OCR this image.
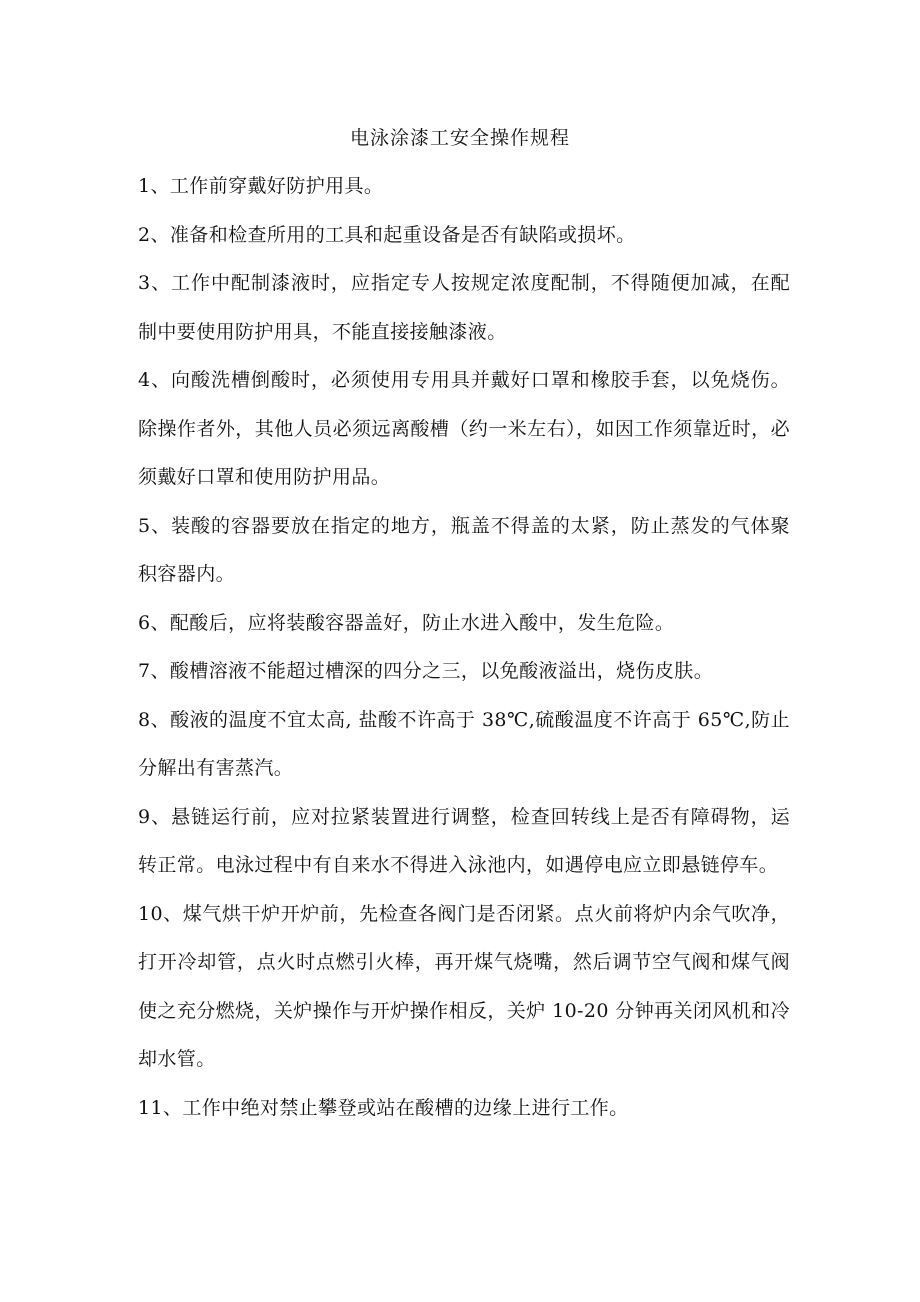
电泳涂漆工安全操作规程

1、工作前穿戴好防护用具。

2、准备和检查所用的工具和起重设备是否有缺陷或损坏。

3、工作中配制漆液时，应指定专人按规定浓度配制，不得随便加减，在配制中要使用防护用具，不能直接接触漆液。

4、向酸洗槽倒酸时，必须使用专用具并戴好口罩和橡胶手套，以免烧伤。除操作者外，其他人员必须远离酸槽（约一米左右），如因工作须靠近时，必须戴好口罩和使用防护用品。

5、装酸的容器要放在指定的地方，瓶盖不得盖的太紧，防止蒸发的气体聚积容器内。

6、配酸后，应将装酸容器盖好，防止水进入酸中，发生危险。

7、酸槽溶液不能超过槽深的四分之三，以免酸液溢出，烧伤皮肤。

8、酸液的温度不宜太高, 盐酸不许高于 38℃,硫酸温度不许高于 65℃,防止分解出有害蒸汽。

9、悬链运行前，应对拉紧装置进行调整，检查回转线上是否有障碍物，运转正常。电泳过程中有自来水不得进入泳池内，如遇停电应立即悬链停车。

10、煤气烘干炉开炉前，先检查各阀门是否闭紧。点火前将炉内余气吹净，打开冷却管，点火时点燃引火棒，再开煤气烧嘴，然后调节空气阀和煤气阀使之充分燃烧，关炉操作与开炉操作相反，关炉 10-20 分钟再关闭风机和冷却水管。

11、工作中绝对禁止攀登或站在酸槽的边缘上进行工作。
